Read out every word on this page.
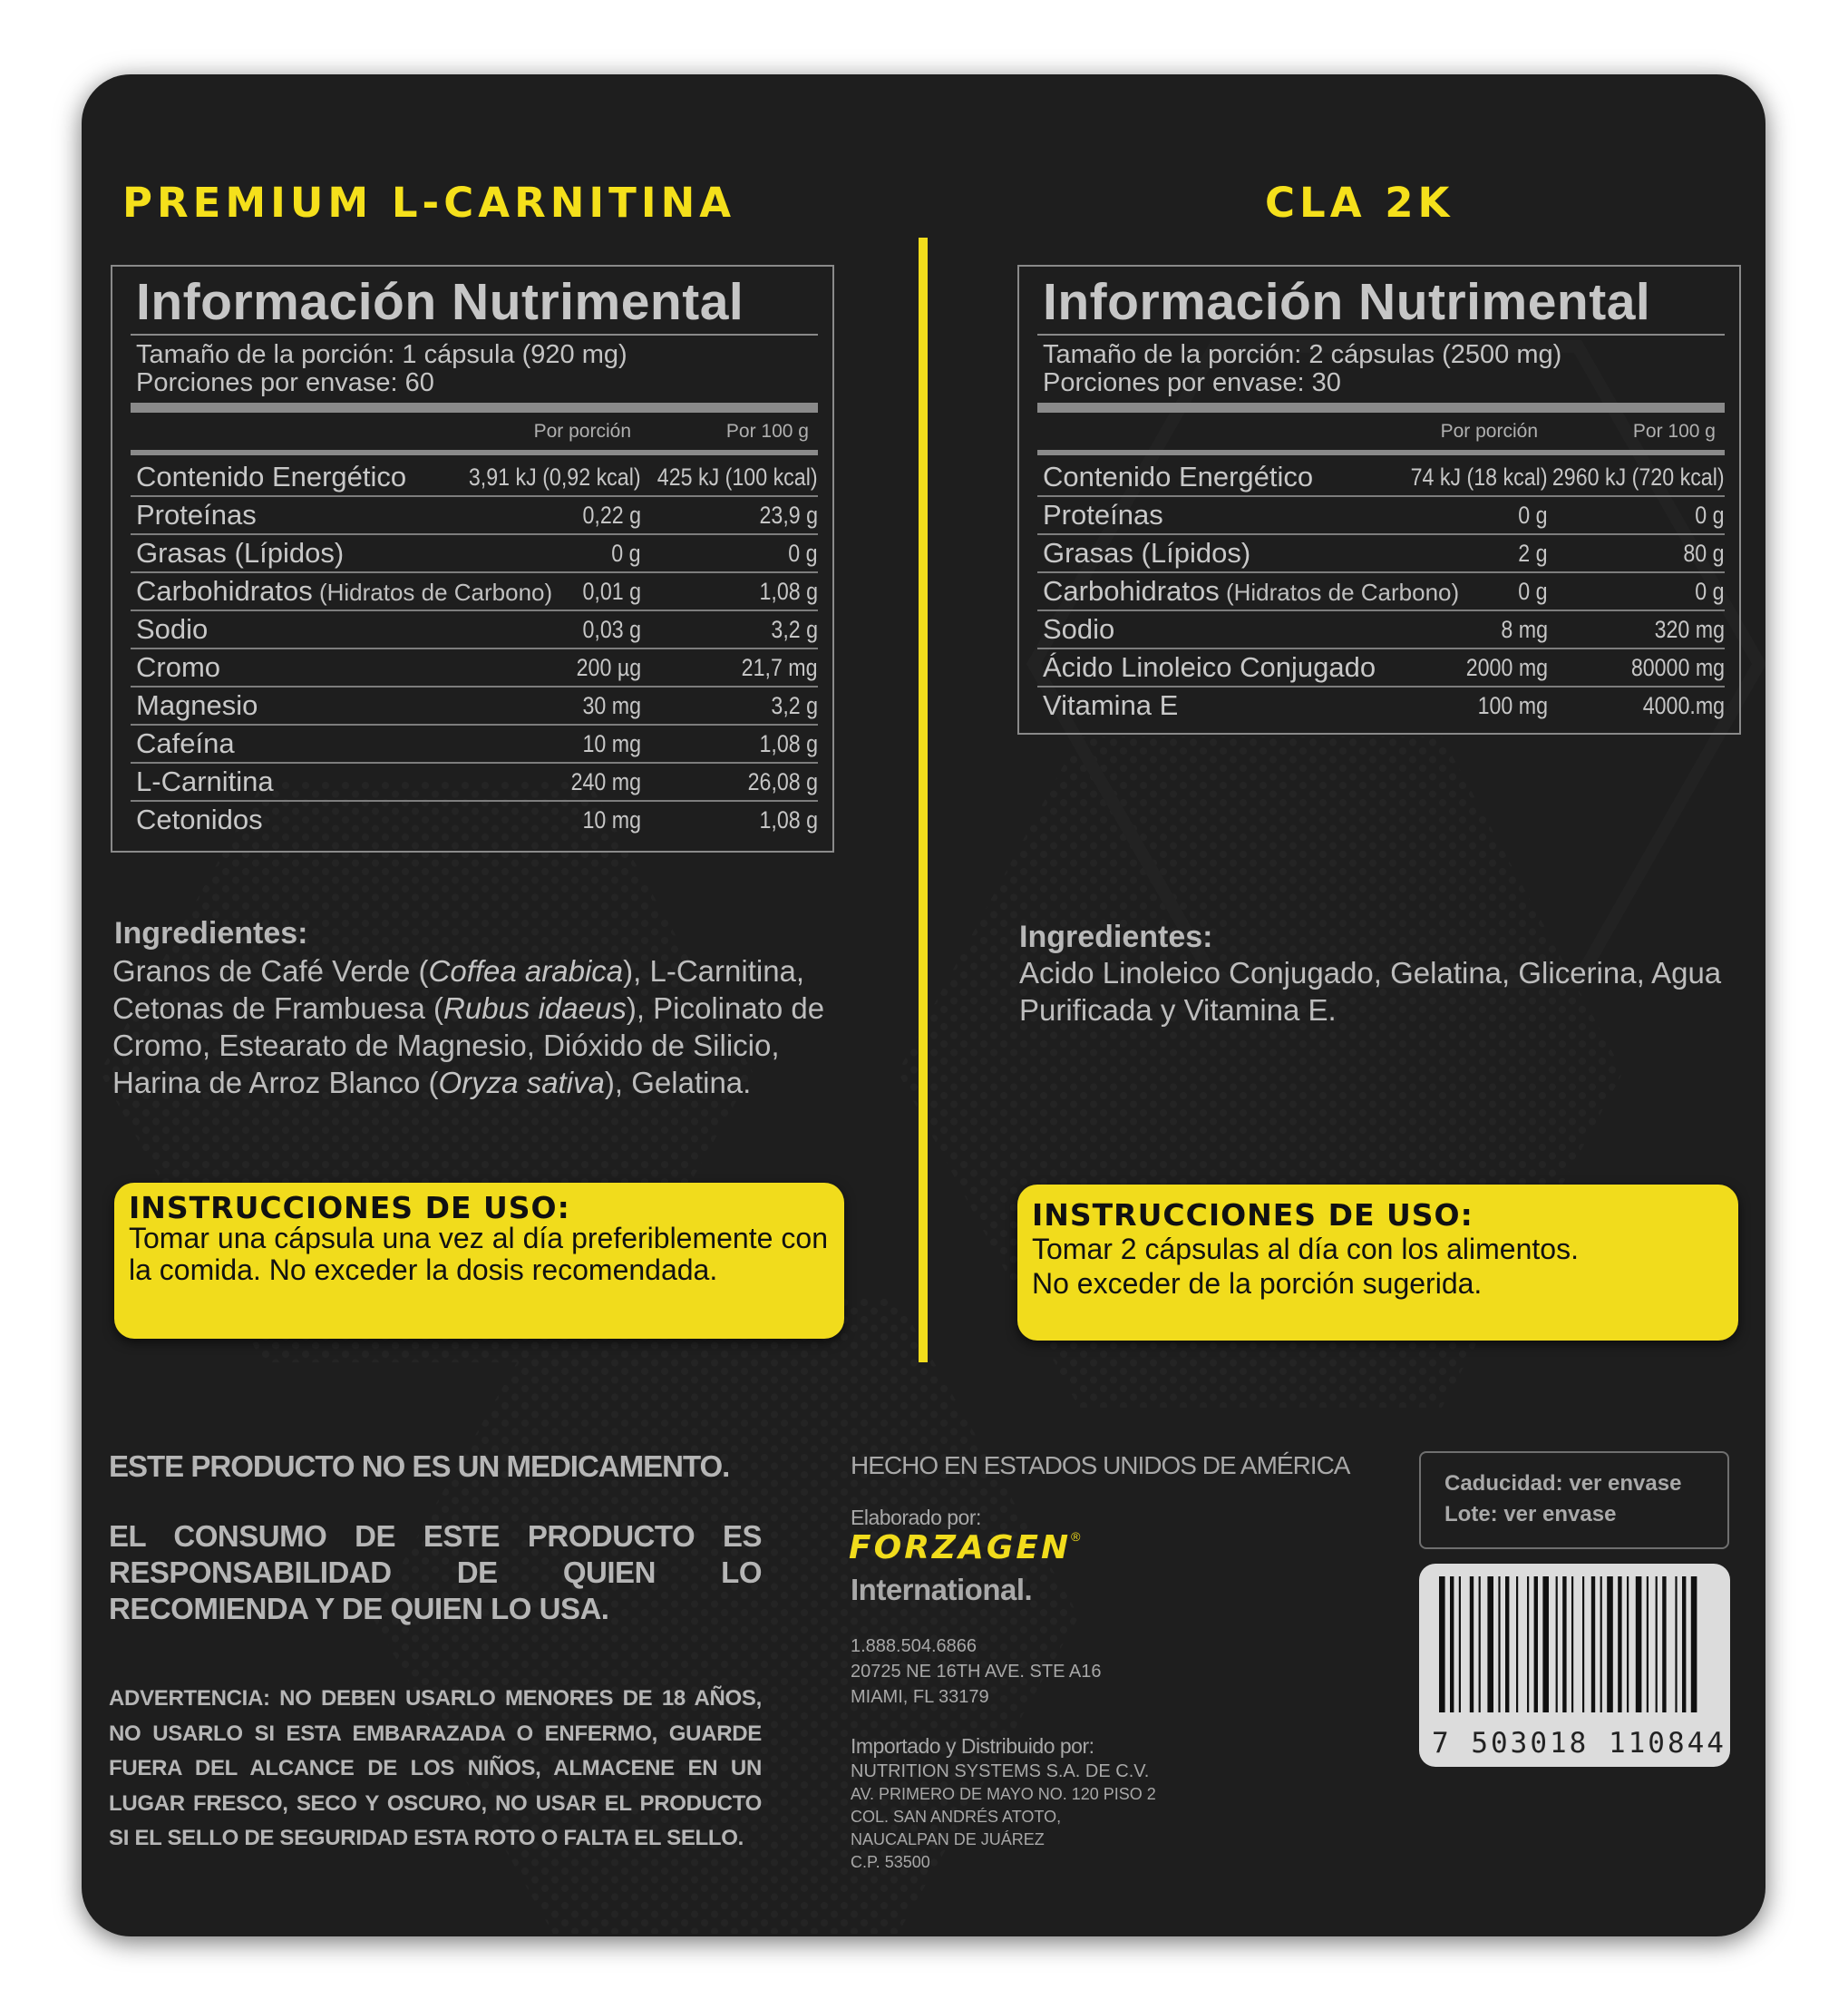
PREMIUM L-CARNITINA
Información Nutrimental
Tamaño de la porción: 1 cápsula (920 mg)
Porciones por envase: 60
Por porción	Por 100 g
Contenido Energético	3,91 kJ (0,92 kcal) 425 kJ (100 kcal)
Proteínas	0,22 g	23,9 g
Grasas (Lípidos)	0 g	0 g
Carbohidratos (Hidratos de Carbono) 0,01 g	1,08 g
Sodio	0,03 g	3,2 g
Cromo	200 µg	21,7 mg
Magnesio	30 mg	3,2 g
Cafeína	10 mg	1,08 g
L-Carnitina	240 mg	26,08 g
Cetonidos	10 mg	1,08 g
Ingredientes:
Granos de Café Verde (Coffea arabica), L-Carnitina, Cetonas de Frambuesa (Rubus idaeus), Picolinato de Cromo, Estearato de Magnesio, Dióxido de Silicio, Harina de Arroz Blanco (Oryza sativa), Gelatina.
INSTRUCCIONES DE USO:
Tomar una cápsula una vez al día preferiblemente con la comida. No exceder la dosis recomendada.
CLA 2K
Información Nutrimental
Tamaño de la porción: 2 cápsulas (2500 mg)
Porciones por envase: 30
Por porción	Por 100 g
Contenido Energético	74 kJ (18 kcal) 2960 kJ (720 kcal)
Proteínas	0 g	0 g
Grasas (Lípidos)	2 g	80 g
Carbohidratos (Hidratos de Carbono) 0 g	0 g
Sodio	8 mg	320 mg
Ácido Linoleico Conjugado	2000 mg	80000 mg
Vitamina E	100 mg	4000.mg
Ingredientes:
Acido Linoleico Conjugado, Gelatina, Glicerina, Agua Purificada y Vitamina E.
INSTRUCCIONES DE USO:
Tomar 2 cápsulas al día con los alimentos.
No exceder de la porción sugerida.
ESTE PRODUCTO NO ES UN MEDICAMENTO.
EL CONSUMO DE ESTE PRODUCTO ES RESPONSABILIDAD DE QUIEN LO RECOMIENDA Y DE QUIEN LO USA.
ADVERTENCIA: NO DEBEN USARLO MENORES DE 18 AÑOS, NO USARLO SI ESTA EMBARAZADA O ENFERMO, GUARDE FUERA DEL ALCANCE DE LOS NIÑOS, ALMACENE EN UN LUGAR FRESCO, SECO Y OSCURO, NO USAR EL PRODUCTO SI EL SELLO DE SEGURIDAD ESTA ROTO O FALTA EL SELLO.
HECHO EN ESTADOS UNIDOS DE AMÉRICA
Elaborado por:
FORZAGEN®
International.
1.888.504.6866
20725 NE 16TH AVE. STE A16
MIAMI, FL 33179
Importado y Distribuido por:
NUTRITION SYSTEMS S.A. DE C.V.
AV. PRIMERO DE MAYO NO. 120 PISO 2
COL. SAN ANDRÉS ATOTO,
NAUCALPAN DE JUÁREZ
C.P. 53500
Caducidad: ver envase
Lote: ver envase
7 503018 110844
